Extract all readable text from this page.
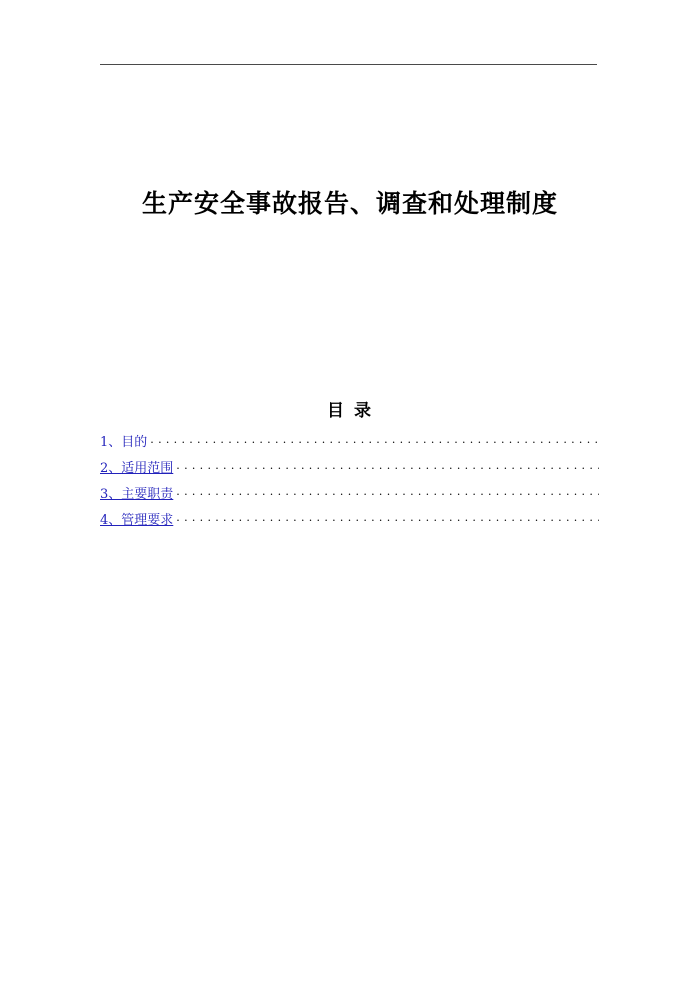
生产安全事故报告、调查和处理制度
目 录
1、目的
. . .
2、适用范围
. . .
3、主要职责
. . .
4、管理要求
. . .
